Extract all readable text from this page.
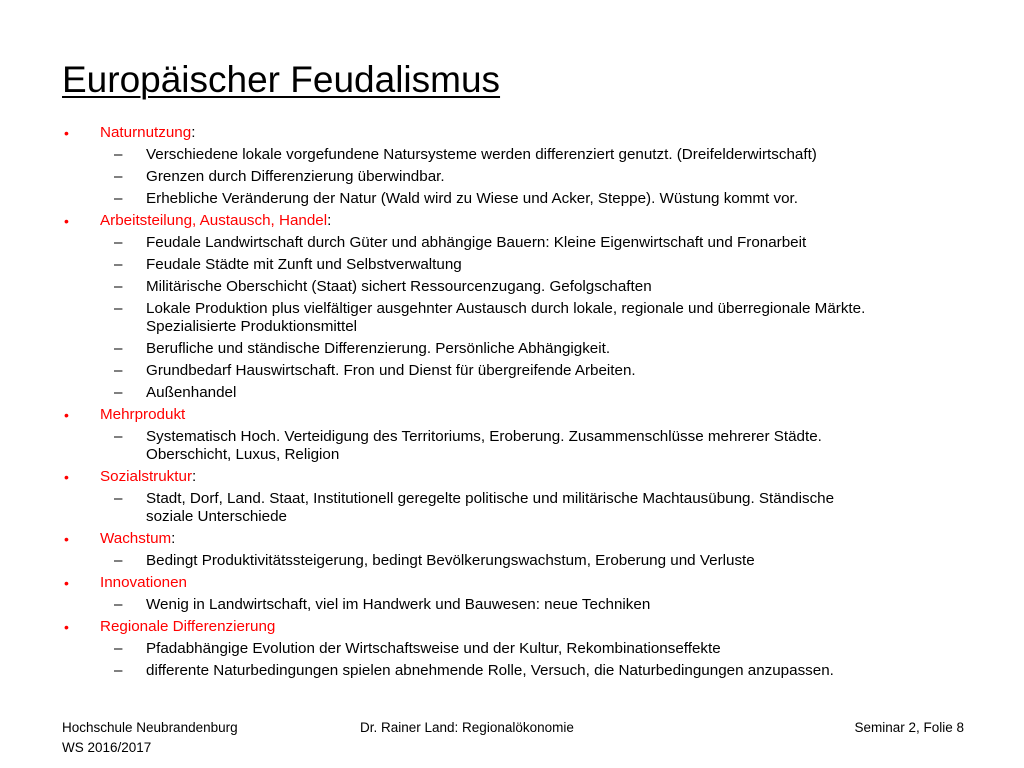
Europäischer Feudalismus
• Naturnutzung:
– Verschiedene lokale vorgefundene Natursysteme werden differenziert genutzt. (Dreifelderwirtschaft)
– Grenzen durch Differenzierung überwindbar.
– Erhebliche Veränderung der Natur (Wald wird zu Wiese und Acker, Steppe). Wüstung kommt vor.
• Arbeitsteilung, Austausch, Handel:
– Feudale Landwirtschaft durch Güter und abhängige Bauern: Kleine Eigenwirtschaft und Fronarbeit
– Feudale Städte mit Zunft und Selbstverwaltung
– Militärische Oberschicht (Staat) sichert Ressourcenzugang. Gefolgschaften
– Lokale Produktion plus vielfältiger ausgehnter Austausch durch lokale, regionale und überregionale Märkte.
Spezialisierte Produktionsmittel
– Berufliche und ständische Differenzierung. Persönliche Abhängigkeit.
– Grundbedarf Hauswirtschaft. Fron und Dienst für übergreifende Arbeiten.
– Außenhandel
• Mehrprodukt
– Systematisch Hoch. Verteidigung des Territoriums, Eroberung. Zusammenschlüsse mehrerer Städte.
Oberschicht, Luxus, Religion
• Sozialstruktur:
– Stadt, Dorf, Land. Staat, Institutionell geregelte politische und militärische Machtausübung. Ständische
soziale Unterschiede
• Wachstum:
– Bedingt Produktivitätssteigerung, bedingt Bevölkerungswachstum, Eroberung und Verluste
• Innovationen
– Wenig in Landwirtschaft, viel im Handwerk und Bauwesen: neue Techniken
• Regionale Differenzierung
– Pfadabhängige Evolution der Wirtschaftsweise und der Kultur, Rekombinationseffekte
– differente Naturbedingungen spielen abnehmende Rolle, Versuch, die Naturbedingungen anzupassen.
Hochschule Neubrandenburg
WS 2016/2017
Dr. Rainer Land: Regionalökonomie	Seminar 2, Folie 8
